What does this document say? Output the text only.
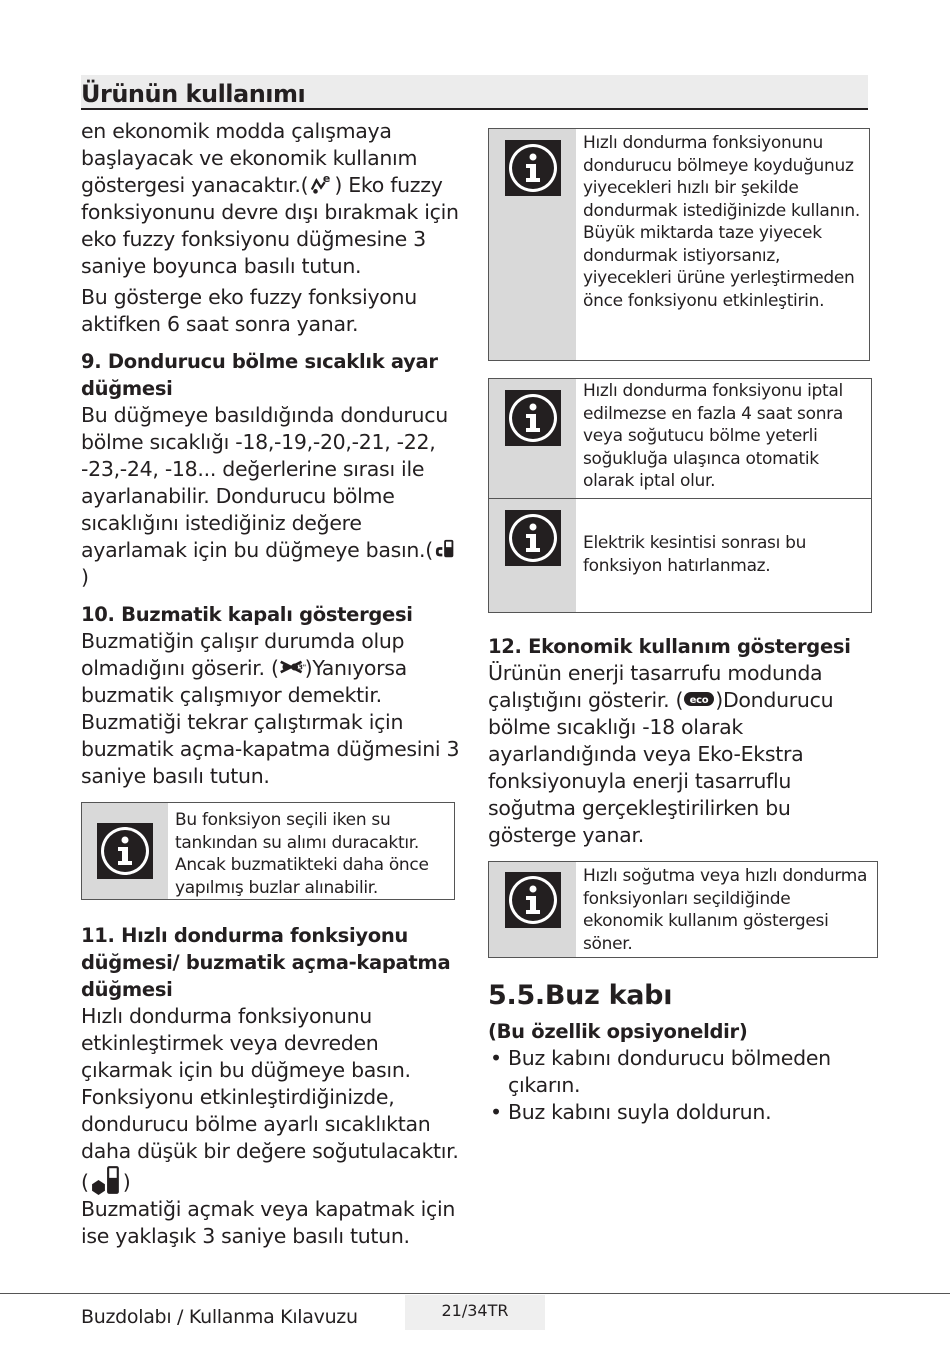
Ürünün kullanımı

en ekonomik modda çalışmaya başlayacak ve ekonomik kullanım göstergesi yanacaktır.( e ) Eko fuzzy fonksiyonunu devre dışı bırakmak için eko fuzzy fonksiyonu düğmesine 3 saniye boyunca basılı tutun.

Bu gösterge eko fuzzy fonksiyonu aktifken 6 saat sonra yanar.

9. Dondurucu bölme sıcaklık ayar düğmesi

Bu düğmeye basıldığında dondurucu bölme sıcaklığı -18,-19,-20,-21, -22, -23,-24, -18... değerlerine sırası ile ayarlanabilir. Dondurucu bölme sıcaklığını istediğiniz değere ayarlamak için bu düğmeye basın.()

10. Buzmatik kapalı göstergesi

Buzmatiğin çalışır durumda olup olmadığını göserir. ( 3" )Yanıyorsa buzmatik çalışmıyor demektir. Buzmatiği tekrar çalıştırmak için buzmatik açma-kapatma düğmesini 3 saniye basılı tutun.

Bu fonksiyon seçili iken su tankından su alımı duracaktır. Ancak buzmatikteki daha önce yapılmış buzlar alınabilir.
11. Hızlı dondurma fonksiyonu düğmesi/ buzmatik açma-kapatma düğmesi

Hızlı dondurma fonksiyonunu etkinleştirmek veya devreden çıkarmak için bu düğmeye basın. Fonksiyonu etkinleştirdiğinizde, dondurucu bölme ayarlı sıcaklıktan daha düşük bir değere soğutulacaktır.

( )

Buzmatiği açmak veya kapatmak için ise yaklaşık 3 saniye basılı tutun.

Hızlı dondurma fonksiyonunu dondurucu bölmeye koyduğunuz yiyecekleri hızlı bir şekilde dondurmak istediğinizde kullanın. Büyük miktarda taze yiyecek dondurmak istiyorsanız, yiyecekleri ürüne yerleştirmeden önce fonksiyonu etkinleştirin.
Hızlı dondurma fonksiyonu iptal edilmezse en fazla 4 saat sonra veya soğutucu bölme yeterli soğukluğa ulaşınca otomatik olarak iptal olur.
Elektrik kesintisi sonrası bu fonksiyon hatırlanmaz.
12. Ekonomik kullanım göstergesi

Ürünün enerji tasarrufu modunda çalıştığını gösterir. ( eco )Dondurucu bölme sıcaklığı -18 olarak ayarlandığında veya Eko-Ekstra fonksiyonuyla enerji tasarruflu soğutma gerçekleştirilirken bu gösterge yanar.

Hızlı soğutma veya hızlı dondurma fonksiyonları seçildiğinde ekonomik kullanım göstergesi söner.

5.5.Buz kabı

(Bu özellik opsiyoneldir)
• Buz kabını dondurucu bölmeden çıkarın.
• Buz kabını suyla doldurun.
Buzdolabı / Kullanma Kılavuzu	21/34TR
